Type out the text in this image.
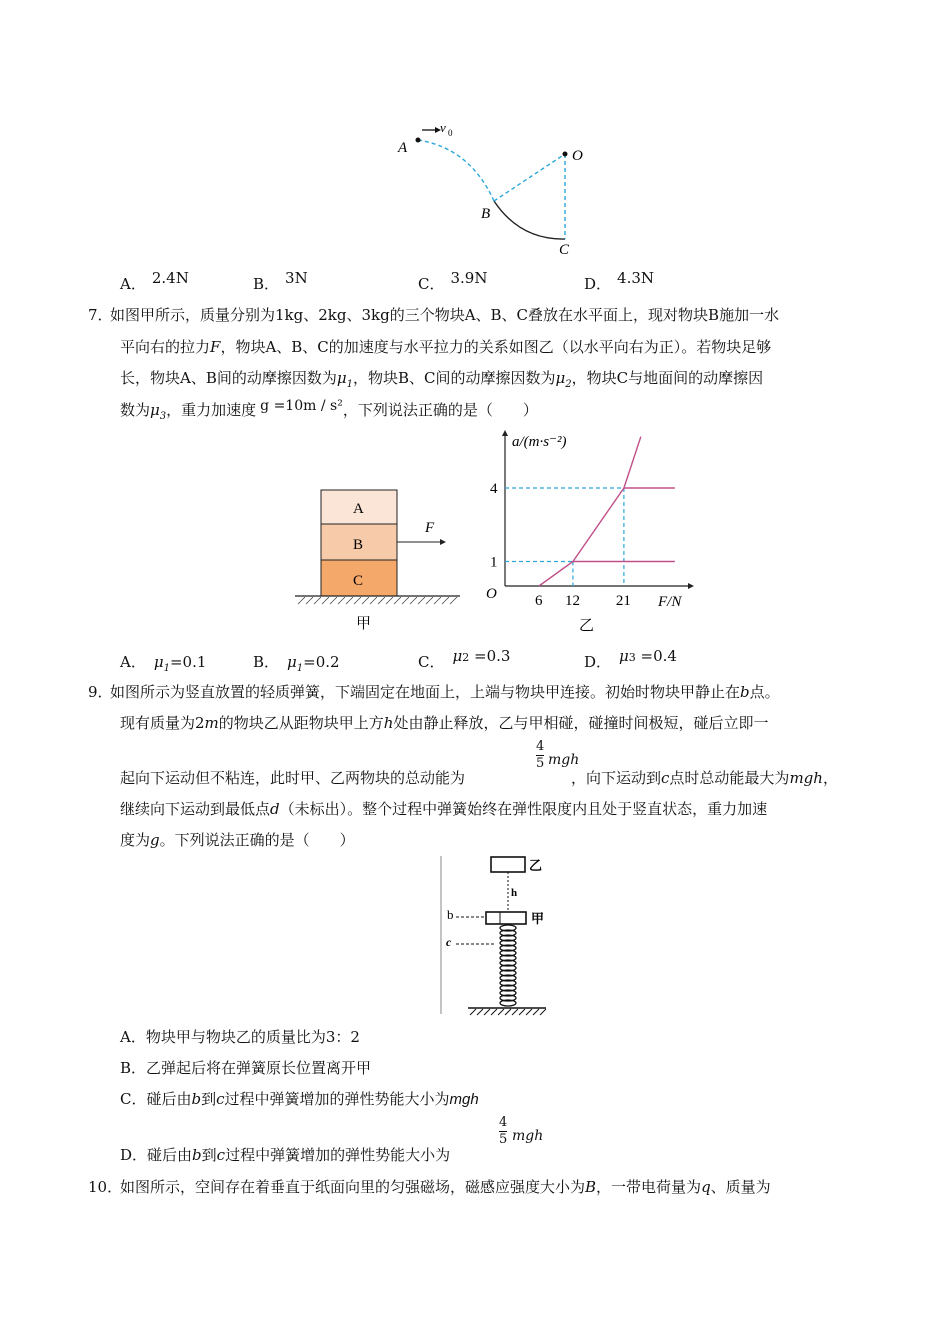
v 0
A	O
B
C
A． 2.4N	B． 3N	C． 3.9N	D． 4.3N
7．
如图甲所示，质量分别为1kg、2kg、3kg的三个物块A、B、C叠放在水平面上，现对物块B施加一水
平向右的拉力F，物块A、B、C的加速度与水平拉力的关系如图乙（以水平向右为正）。若物块足够
长，物块A、B间的动摩擦因数为$\mu_1$，物块B、C间的动摩擦因数为$\mu_2$，物块C与地面间的动摩擦因
数为$\mu_3$，重力加速度 g =10m / s²，下列说法正确的是（　　）
A
B
C
F
甲
a/(m·s⁻²)
F/N
O	6 12 21
1
4
乙
A． $\mu_1=0.1$	B． $\mu_1=0.2$	C． μ2 =0.3	D． μ3 =0.4
9．
如图所示为竖直放置的轻质弹簧，下端固定在地面上，上端与物块甲连接。初始时物块甲静止在b点。
现有质量为2m的物块乙从距物块甲上方h处由静止释放，乙与甲相碰，碰撞时间极短，碰后立即一
起向下运动但不粘连，此时甲、乙两物块的总动能为
4
5 mgh
，向下运动到c点时总动能最大为mgh，
继续向下运动到最低点d（未标出）。整个过程中弹簧始终在弹性限度内且处于竖直状态，重力加速
度为g。下列说法正确的是（　　）
乙
h
b	甲
c
A．物块甲与物块乙的质量比为3：2
B．乙弹起后将在弹簧原长位置离开甲
C．碰后由b到c过程中弹簧增加的弹性势能大小为mgh
D．碰后由b到c过程中弹簧增加的弹性势能大小为
4
5 mgh
10．
如图所示，空间存在着垂直于纸面向里的匀强磁场，磁感应强度大小为B，一带电荷量为q、质量为
